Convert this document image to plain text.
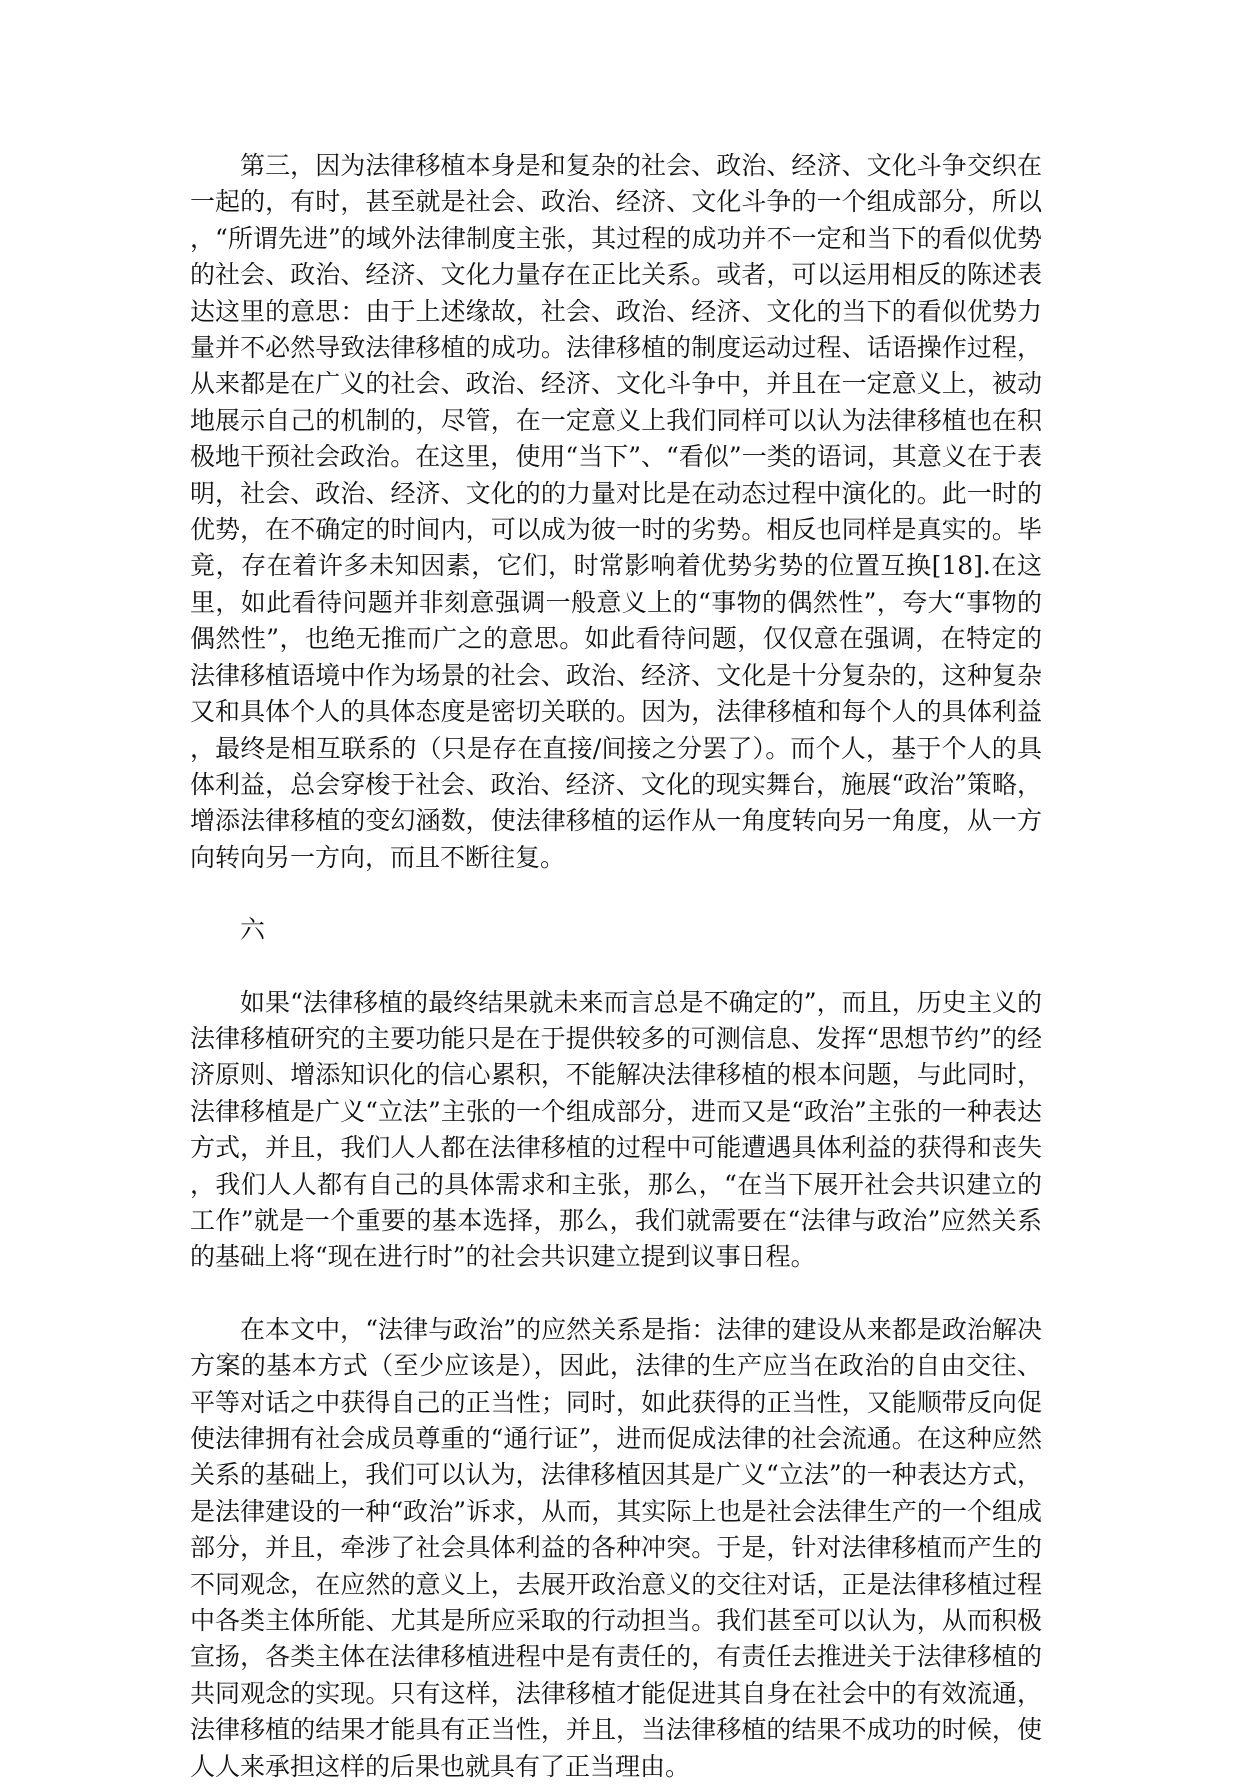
第三，因为法律移植本身是和复杂的社会、政治、经济、文化斗争交织在一起的，有时，甚至就是社会、政治、经济、文化斗争的一个组成部分，所以，“所谓先进”的域外法律制度主张，其过程的成功并不一定和当下的看似优势的社会、政治、经济、文化力量存在正比关系。或者，可以运用相反的陈述表达这里的意思：由于上述缘故，社会、政治、经济、文化的当下的看似优势力量并不必然导致法律移植的成功。法律移植的制度运动过程、话语操作过程，从来都是在广义的社会、政治、经济、文化斗争中，并且在一定意义上，被动地展示自己的机制的，尽管，在一定意义上我们同样可以认为法律移植也在积极地干预社会政治。在这里，使用“当下”、“看似”一类的语词，其意义在于表明，社会、政治、经济、文化的的力量对比是在动态过程中演化的。此一时的优势，在不确定的时间内，可以成为彼一时的劣势。相反也同样是真实的。毕竟，存在着许多未知因素，它们，时常影响着优势劣势的位置互换[18].在这里，如此看待问题并非刻意强调一般意义上的“事物的偶然性”，夸大“事物的偶然性”，也绝无推而广之的意思。如此看待问题，仅仅意在强调，在特定的法律移植语境中作为场景的社会、政治、经济、文化是十分复杂的，这种复杂又和具体个人的具体态度是密切关联的。因为，法律移植和每个人的具体利益，最终是相互联系的（只是存在直接/间接之分罢了）。而个人，基于个人的具体利益，总会穿梭于社会、政治、经济、文化的现实舞台，施展“政治”策略，增添法律移植的变幻涵数，使法律移植的运作从一角度转向另一角度，从一方向转向另一方向，而且不断往复。

六

如果“法律移植的最终结果就未来而言总是不确定的”，而且，历史主义的法律移植研究的主要功能只是在于提供较多的可测信息、发挥“思想节约”的经济原则、增添知识化的信心累积，不能解决法律移植的根本问题，与此同时，法律移植是广义“立法”主张的一个组成部分，进而又是“政治”主张的一种表达方式，并且，我们人人都在法律移植的过程中可能遭遇具体利益的获得和丧失，我们人人都有自己的具体需求和主张，那么，“在当下展开社会共识建立的工作”就是一个重要的基本选择，那么，我们就需要在“法律与政治”应然关系的基础上将“现在进行时”的社会共识建立提到议事日程。

在本文中，“法律与政治”的应然关系是指：法律的建设从来都是政治解决方案的基本方式（至少应该是），因此，法律的生产应当在政治的自由交往、平等对话之中获得自己的正当性；同时，如此获得的正当性，又能顺带反向促使法律拥有社会成员尊重的“通行证”，进而促成法律的社会流通。在这种应然关系的基础上，我们可以认为，法律移植因其是广义“立法”的一种表达方式，是法律建设的一种“政治”诉求，从而，其实际上也是社会法律生产的一个组成部分，并且，牵涉了社会具体利益的各种冲突。于是，针对法律移植而产生的不同观念，在应然的意义上，去展开政治意义的交往对话，正是法律移植过程中各类主体所能、尤其是所应采取的行动担当。我们甚至可以认为，从而积极宣扬，各类主体在法律移植进程中是有责任的，有责任去推进关于法律移植的共同观念的实现。只有这样，法律移植才能促进其自身在社会中的有效流通，法律移植的结果才能具有正当性，并且，当法律移植的结果不成功的时候，使人人来承担这样的后果也就具有了正当理由。
